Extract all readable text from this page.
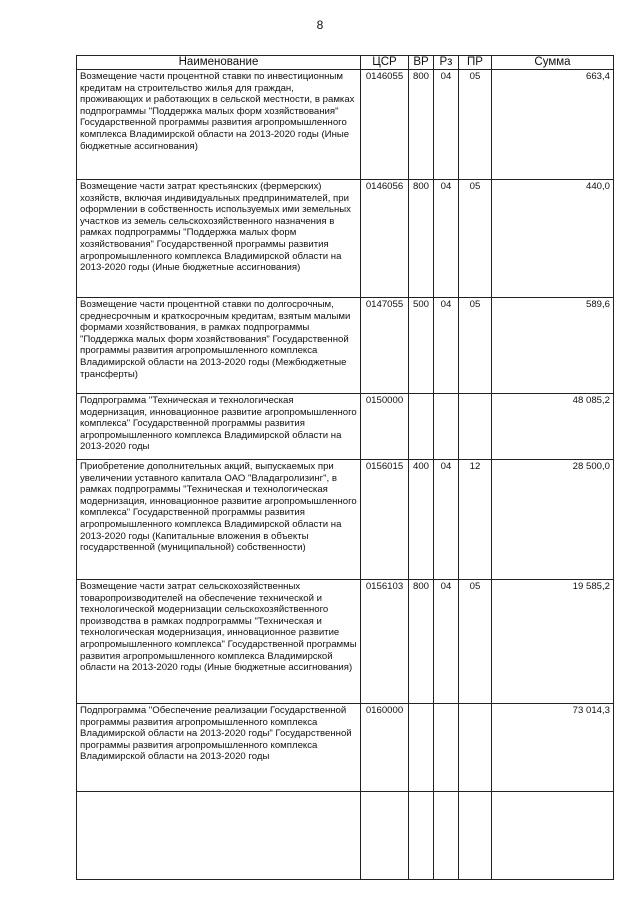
8
Наименование	ЦСР	ВР	Рз	ПР	Сумма
Возмещение части процентной ставки по инвестиционным кредитам на строительство жилья для граждан, проживающих и работающих в сельской местности, в рамках подпрограммы "Поддержка малых форм хозяйствования" Государственной программы развития агропромышленного комплекса Владимирской области на 2013-2020 годы (Иные бюджетные ассигнования)	0146055	800	04	05	663,4
Возмещение части затрат крестьянских (фермерских) хозяйств, включая индивидуальных предпринимателей, при оформлении в собственность используемых ими земельных участков из земель сельскохозяйственного назначения в рамках подпрограммы "Поддержка малых форм хозяйствования" Государственной программы развития агропромышленного комплекса Владимирской области на 2013-2020 годы (Иные бюджетные ассигнования)	0146056	800	04	05	440,0
Возмещение части процентной ставки по долгосрочным, среднесрочным и краткосрочным кредитам, взятым малыми формами хозяйствования, в рамках подпрограммы "Поддержка малых форм хозяйствования" Государственной программы развития агропромышленного комплекса Владимирской области на 2013-2020 годы (Межбюджетные трансферты)	0147055	500	04	05	589,6
Подпрограмма "Техническая и технологическая модернизация, инновационное развитие агропромышленного комплекса" Государственной программы развития агропромышленного комплекса Владимирской области на 2013-2020 годы	0150000				48 085,2
Приобретение дополнительных акций, выпускаемых при увеличении уставного капитала ОАО "Владагролизинг", в рамках подпрограммы "Техническая и технологическая модернизация, инновационное развитие агропромышленного комплекса" Государственной программы развития агропромышленного комплекса Владимирской области на 2013-2020 годы (Капитальные вложения в объекты государственной (муниципальной) собственности)	0156015	400	04	12	28 500,0
Возмещение части затрат сельскохозяйственных товаропроизводителей на обеспечение технической и технологической модернизации сельскохозяйственного производства в рамках подпрограммы "Техническая и технологическая модернизация, инновационное развитие агропромышленного комплекса" Государственной программы развития агропромышленного комплекса Владимирской области на 2013-2020 годы (Иные бюджетные ассигнования)	0156103	800	04	05	19 585,2
Подпрограмма "Обеспечение реализации Государственной программы развития агропромышленного комплекса Владимирской области на 2013-2020 годы" Государственной программы развития агропромышленного комплекса Владимирской области на 2013-2020 годы	0160000				73 014,3
